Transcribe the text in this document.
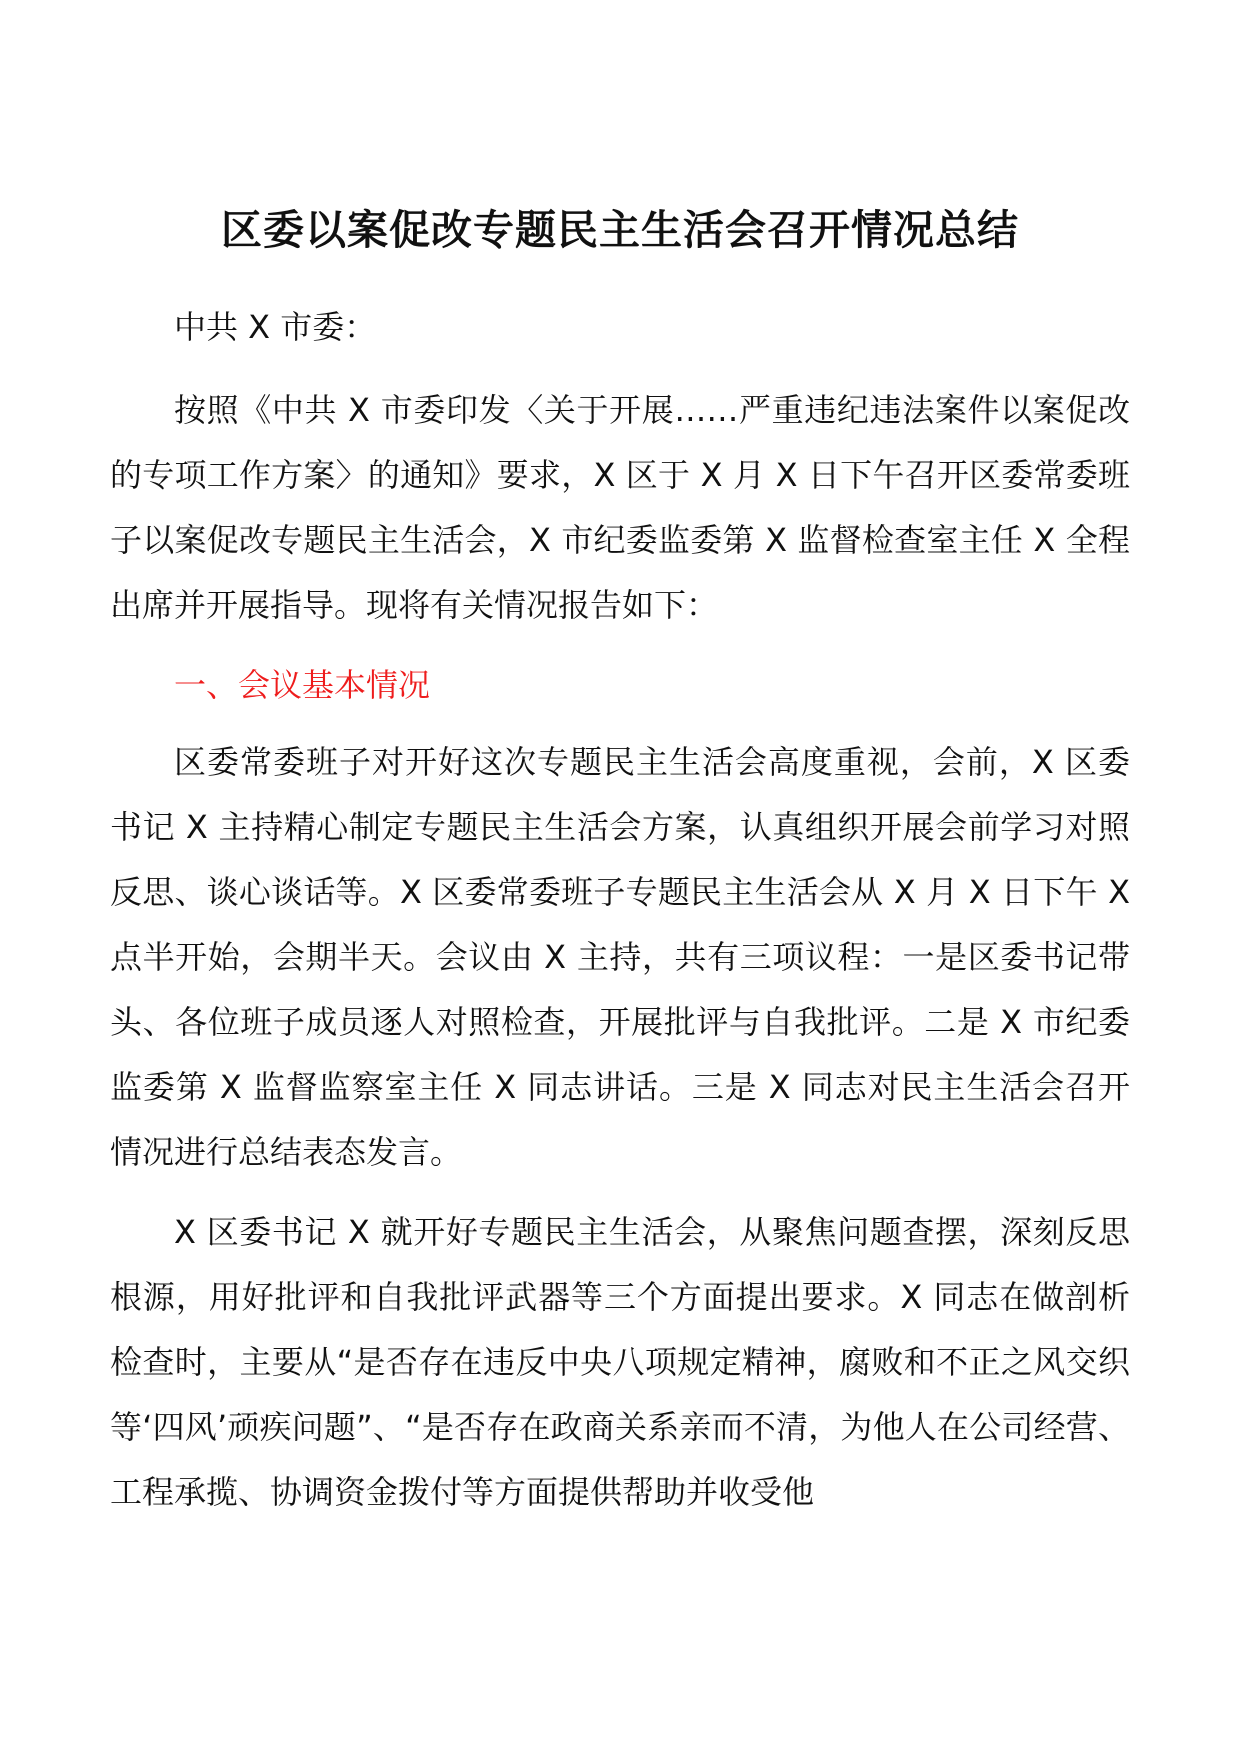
区委以案促改专题民主生活会召开情况总结

中共 X 市委：

按照《中共 X 市委印发〈关于开展……严重违纪违法案件以案促改的专项工作方案〉的通知》要求，X 区于 X 月 X 日下午召开区委常委班子以案促改专题民主生活会，X 市纪委监委第 X 监督检查室主任 X 全程出席并开展指导。现将有关情况报告如下：

一、会议基本情况

区委常委班子对开好这次专题民主生活会高度重视，会前，X 区委书记 X 主持精心制定专题民主生活会方案，认真组织开展会前学习对照反思、谈心谈话等。X 区委常委班子专题民主生活会从 X 月 X 日下午 X 点半开始，会期半天。会议由 X 主持，共有三项议程：一是区委书记带头、各位班子成员逐人对照检查，开展批评与自我批评。二是 X 市纪委监委第 X 监督监察室主任 X 同志讲话。三是 X 同志对民主生活会召开情况进行总结表态发言。

X 区委书记 X 就开好专题民主生活会，从聚焦问题查摆，深刻反思根源，用好批评和自我批评武器等三个方面提出要求。X 同志在做剖析检查时，主要从“是否存在违反中央八项规定精神，腐败和不正之风交织等‘四风’顽疾问题”、“是否存在政商关系亲而不清，为他人在公司经营、工程承揽、协调资金拨付等方面提供帮助并收受他
